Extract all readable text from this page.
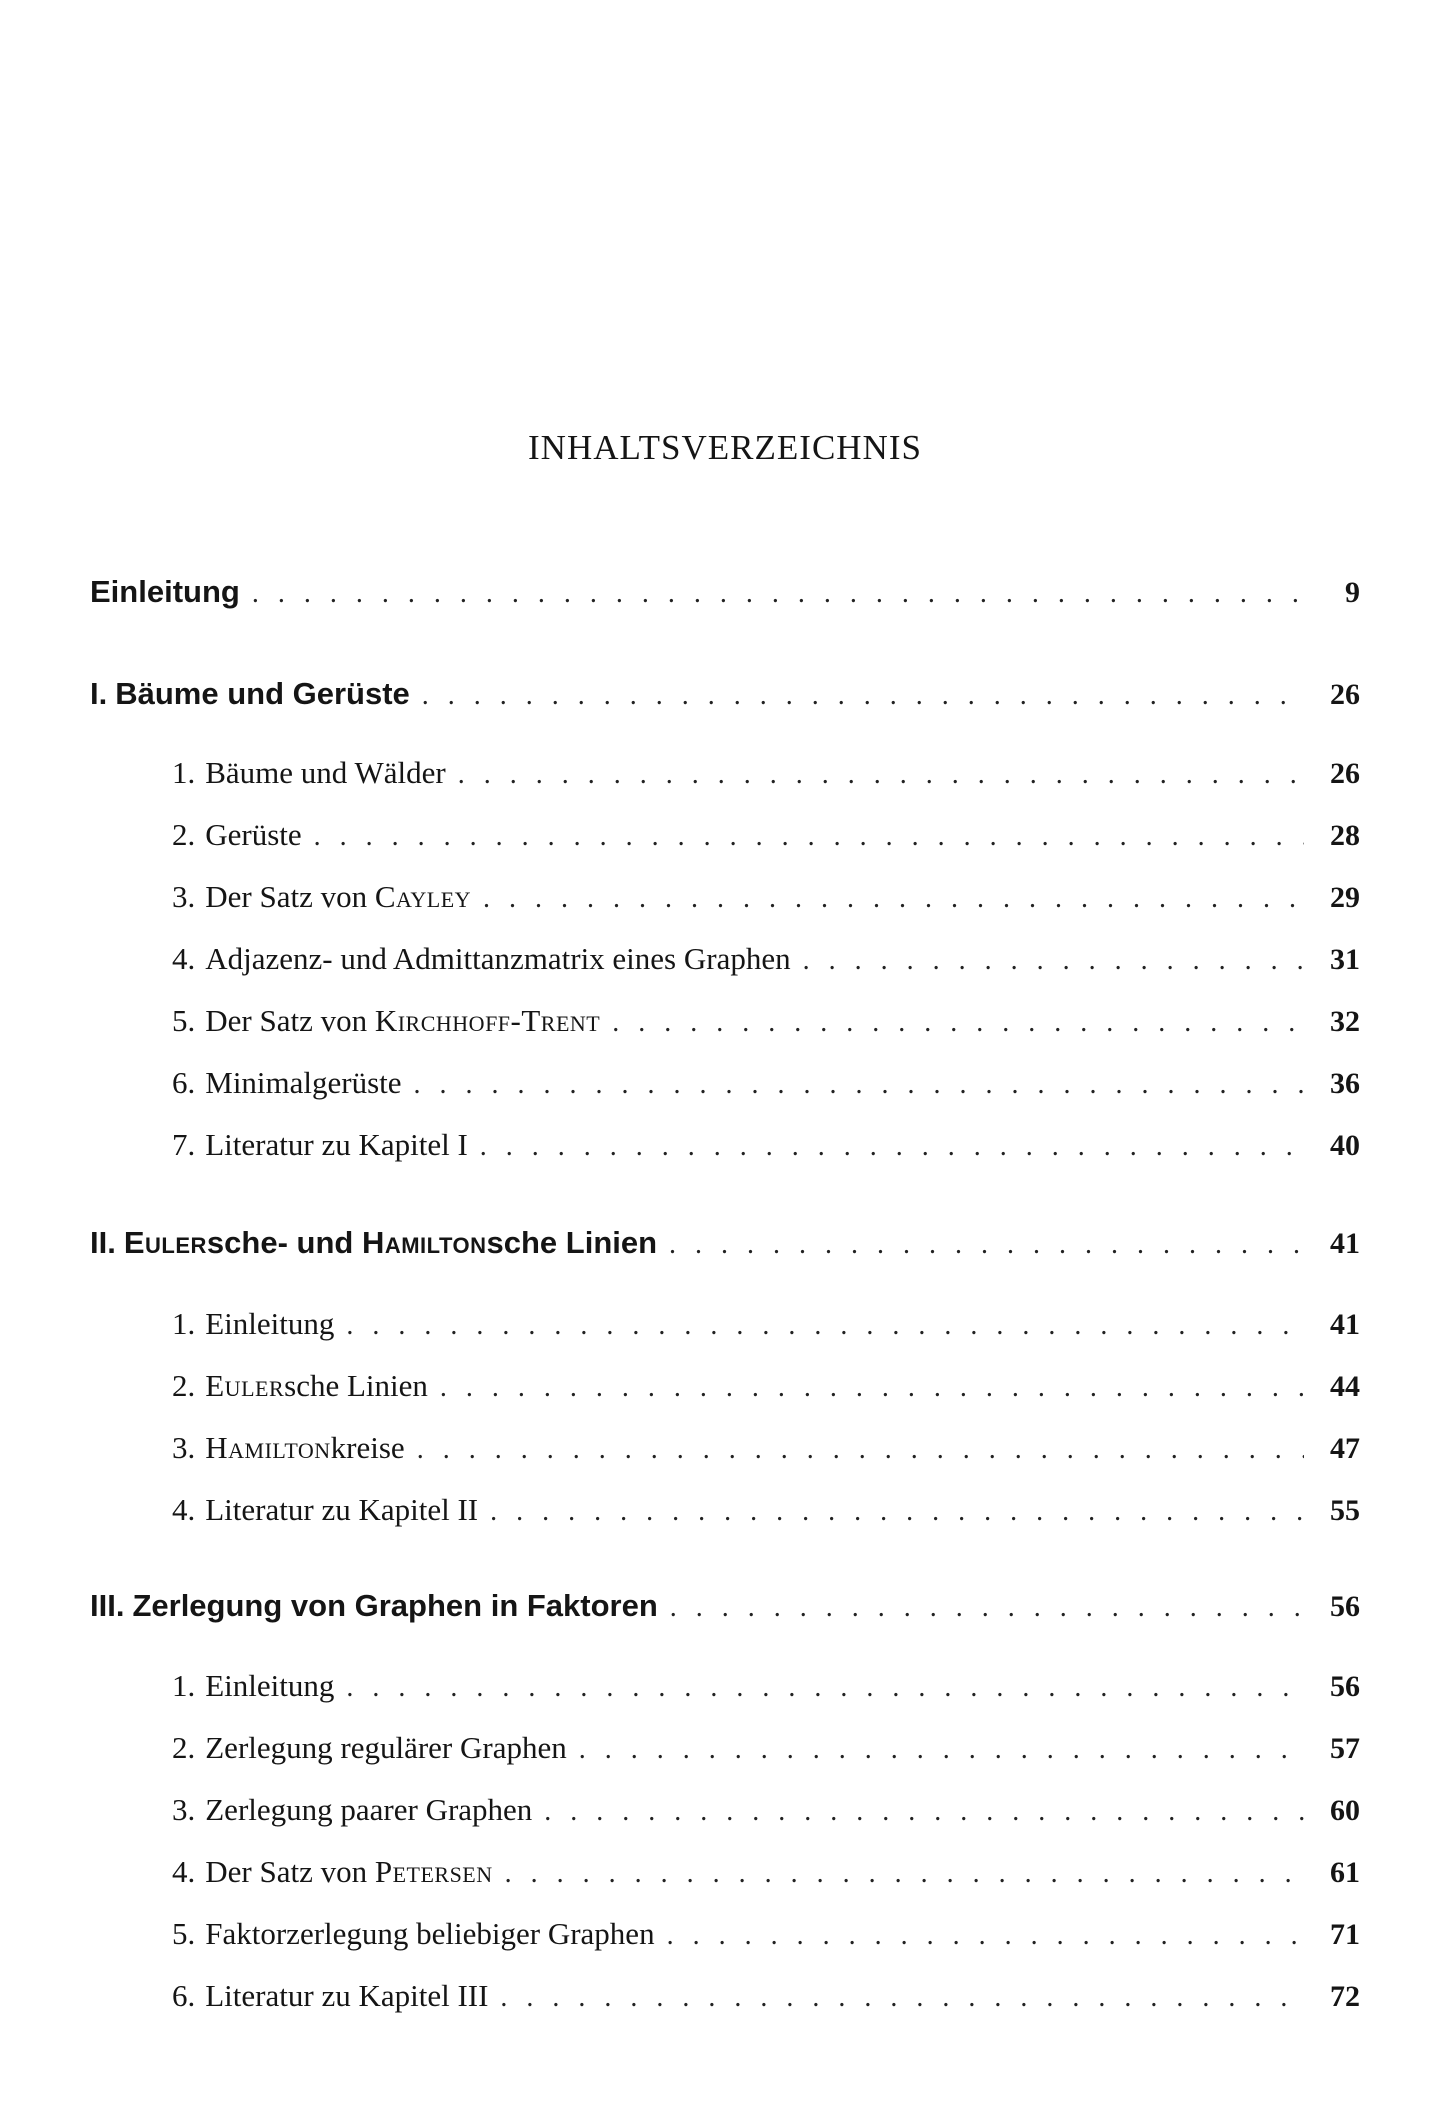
INHALTSVERZEICHNIS
Einleitung . . .	9
I. Bäume und Gerüste . . .	26
1. Bäume und Wälder . . .	26
2. Gerüste . . .	28
3. Der Satz von Cayley . . .	29
4. Adjazenz- und Admittanzmatrix eines Graphen . . .	31
5. Der Satz von Kirchhoff-Trent . . .	32
6. Minimalgerüste . . .	36
7. Literatur zu Kapitel I . . .	40
II. Eulersche- und Hamiltonsche Linien . . .	41
1. Einleitung . . .	41
2. Eulersche Linien . . .	44
3. Hamiltonkreise . . .	47
4. Literatur zu Kapitel II . . .	55
III. Zerlegung von Graphen in Faktoren . . .	56
1. Einleitung . . .	56
2. Zerlegung regulärer Graphen . . .	57
3. Zerlegung paarer Graphen . . .	60
4. Der Satz von Petersen . . .	61
5. Faktorzerlegung beliebiger Graphen . . .	71
6. Literatur zu Kapitel III . . .	72
